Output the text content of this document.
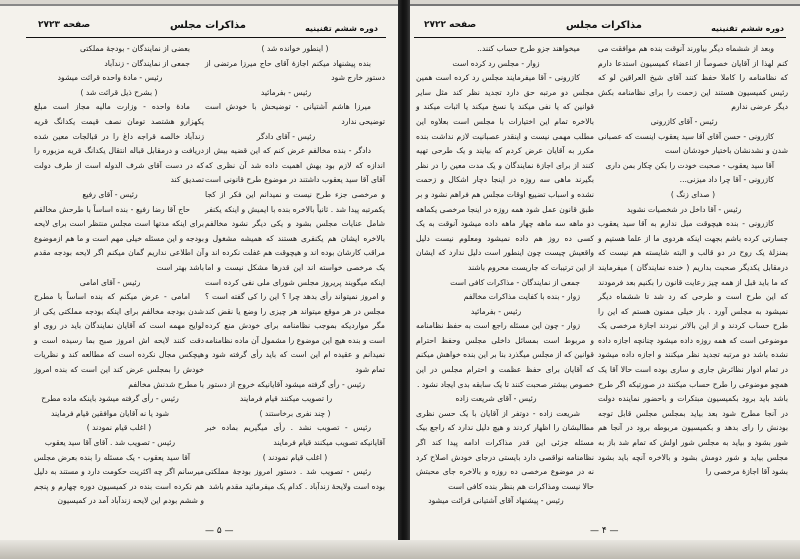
دوره ششم تقنینیه
مذاکرات مجلس
صفحه ۲۷۲۳

( اینطور خوانده شد )

بنده پیشنهاد میکنم اجازهٔ آقای حاج میرزا مرتضی از دستور خارج شود

رئیس - بفرمائید

میرزا هاشم آشتیانی - توضیحش با خودش است توضیحی ندارد

رئیس - آقای دادگر

دادگر - بنده مخالفم عرض کنم که این قضیه بیش از اندازه که لازم بود بهش اهمیت داده شد آن نظری که آقای آقا سید یعقوب داشتند در موضوع طرح قانونی است و مرخصی جزء طرح نیست و نمیدانم این فکر از کجا یکمرتبه پیدا شد . ثانیاً بالاخره بنده با ایمیش و اینکه یکنفر شامل عنایات مجلس بشود و یکی دیگر نشود مخالفم بالاخره ایشان هم یکنفری هستند که همیشه مشغول و مراقب کارشان بوده اند و هیچوقت هم غفلت نکرده اند و یک مرخصی خواسته اند این قدرها مشکل نیست و اما اینکه میگویند پریروز مجلس شورای ملی نفی کرده است و امروز نمیتواند رأی بدهد چرا ؟ این را کی گفته است ؟ مجلس در هر موقع میتواند هر چیزی را وضع یا نقض کند مگر مواردیکه بموجب نظامنامه برای خودش منع کرده است و بنده هیچ این موضوع را مشمول آن ماده نظامنامه نمیدانم و عقیده ام این است که باید رأی گرفته شود و تمام شود

رئیس - رأی گرفته میشود آقایانیکه خروج از دستور را تصویب میکنند قیام فرمایند

( چند نفری برخاستند )

رئیس - تصویب نشد . رأی میگیریم بماده خبر آقایانیکه تصویب میکنند قیام فرمایند

( اغلب قیام نمودند )

رئیس - تصویب شد . دستور امروز بودجهٔ مملکتی بوده است ولایحهٔ زندآباد . کدام یک میفرمائید مقدم باشد

بعضی از نمایندگان - بودجهٔ مملکتی

جمعی از نمایندگان - زندآباد

رئیس - مادهٔ واحده قرائت میشود

( بشرح ذیل قرائت شد )

مادهٔ واحده - وزارت مالیه مجاز است مبلغ یکهزارو هشتصد تومان نصف قیمت یکدانگ قریه زندآباد خالصه قراجه داغ را در قبالجات معین شده دریافت و درمقابل قباله انتقال یکدانگ قریه مزبوره را که در دست آقای شرف الدوله است از طرف دولت تصدیق کند

رئیس - آقای رفیع

حاج آقا رضا رفیع - بنده اساساً با طرحش مخالفم برای اینکه مدتها است مجلس منتظر است برای لایحه بودجه و این مسئله خیلی مهم است و ما هم ازموضوع آن اطلاعی نداریم گمان میکنم اگر لایحه بودجه مقدم باشد بهتر است

رئیس - آقای امامی

امامی - عرض میکنم که بنده اساساً با مطرح شدن بودجه مخالفم برای اینکه بودجه مملکتی یکی از لوایح مهمه است که آقایان نمایندگان باید در روی او دقت کنند لایحه اش امروز صبح بما رسیده است و هیچکس مجال نکرده است که مطالعه کند و نظریات خودش را بمجلس عرض کند این است که بنده امروز با مطرح شدنش مخالفم

رئیس - رأی گرفته میشود باینکه ماده مطرح شود یا نه آقایان موافقین قیام فرمایند

( اغلب قیام نمودند )

رئیس - تصویب شد . آقای آقا سید یعقوب

آقا سید یعقوب - یک مسئله را بنده بعرض مجلس میرسانم اگر چه اکثریت حکومت دارد و مستند به دلیل هم نکرده است بنده در کمیسیون دوره چهارم و پنجم و ششم بودم این لایحه زندآباد آمد در کمیسیون

— ۵ —
دوره ششم تقنینیه
مذاکرات مجلس
صفحه ۲۷۲۲

وبعد از ششماه دیگر بیاورند آنوقت بنده هم موافقت می کنم لهذا از آقایان خصوصاً از اعضاء کمیسیون استدعا دارم که نظامنامه را کاملا حفظ کنند آقای شیخ العراقین لو که رئیس کمیسیون هستند این زحمت را برای نظامنامه بکش دیگر عرضی ندارم

رئیس - آقای کازرونی

کازرونی - حسن آقای آقا سید یعقوب اینست که عصبانی شدن و نشدنشان باختیار خودشان است

آقا سید یعقوب - صحبت خودت را بکن چکار بمن داری

کازرونی - آقا چرا داد میزنی...

( صدای زنگ )

رئیس - آقا داخل در شخصیات نشوید

کازرونی - بنده هیچوقت میل ندارم به آقا سید یعقوب جسارتی کرده باشم بجهت اینکه هردوی ما از علما هستیم و بمنزلهٔ یک روح در دو قالب و البته شایسته هم نیست که درمقابل یکدیگر صحبت بداریم ( خنده نمایندگان ) میفرمایند که ما باید قبل از همه چیز رعایت قانون را بکنیم بعد فرمودند که این طرح است و طرحی که رد شد تا ششماه دیگر نمیشود به مجلس آورد . باز خیلی ممنون هستم که این را طرح حساب کردند و از این بالاتر نبردند اجازهٔ مرخصی یک موضوعی است که همه روزه داده میشود چنانچه اجازه داده نشده باشد دو مرتبه تجدید نظر میکنند و اجازه داده میشود در تمام ادوار نظائرش جاری و ساری بوده است حالا آقا یک همچو موضوعی را طرح حساب میکنند در صورتیکه اگر طرح باشد باید برود بکمیسیون مبتکرات و باحضور نماینده دولت در آنجا مطرح شود بعد بیاید بمجلس مجلس قابل توجه بودنش را رای بدهد و بکمیسیون مربوطه برود در آنجا هم شور بشود و بیاید به مجلس شور اولش که تمام شد باز به مجلس بیاید و شور دومش بشود و بالاخره آنچه باید بشود بشود آقا اجازهٔ مرخصی را

میخواهند جزو طرح حساب کنند..

زوار - مجلس رد کرده است

کازرونی - آقا میفرمایند مجلس رد کرده است همین مجلس دو مرتبه حق دارد تجدید نظر کند مثل سایر قوانین که یا نفی میکند یا نسخ میکند یا اثبات میکند و بالاخره تمام این اختیارات با مجلس است بعلاوه این مطلب مهمی نیست و اینقدر عصبانیت لازم نداشت بنده مکرر به آقایان عرض کردم که بیایند و یک طرحی تهیه کنند از برای اجازهٔ نمایندگان و یک مدت معین را در نظر بگیرند ماهی سه روزه در اینجا دچار اشکال و زحمت نشده و اسباب تضییع اوقات مجلس هم فراهم نشود و بر طبق قانون عمل شود همه روزه در اینجا مرخصی یکماهه دو ماهه سه ماهه چهار ماهه داده میشود آنوقت به یک کسی ده روز هم داده نمیشود ومعلوم نیست دلیل واقعیش چیست چون اینطور است دلیل ندارد که ایشان از این ترتیبات که جاریست محروم باشند

جمعی از نمایندگان - مذاکرات کافی است

زوار - بنده با کفایت مذاکرات مخالفم

رئیس - بفرمائید

زوار - چون این مسئله راجع است به حفظ نظامنامه و مربوط است بمسائل داخلی مجلس وحفظ احترام قوانین که از مجلس میگذرد بنا بر این بنده خواهش میکنم که آقایان برای حفظ عظمت و احترام مجلس در این خصوص بیشتر صحبت کنند تا یک سابقه بدی ایجاد نشود .

رئیس - آقای شریعت زاده

شریعت زاده - دوتفر از آقایان با یک حسن نظری مطالبشان را اظهار کردند و هیچ دلیل ندارد که راجع بیک مسئله جزئی این قدر مذاکرات ادامه پیدا کند اگر نظامنامه نواقصی دارد بایستی درجای خودش اصلاح کرد نه در موضوع مرخصی ده روزه و بالاخره جای محبتش حالا نیست ومذاکرات هم بنظر بنده کافی است

رئیس - پیشنهاد آقای آشتیانی قرائت میشود

— ۴ —
